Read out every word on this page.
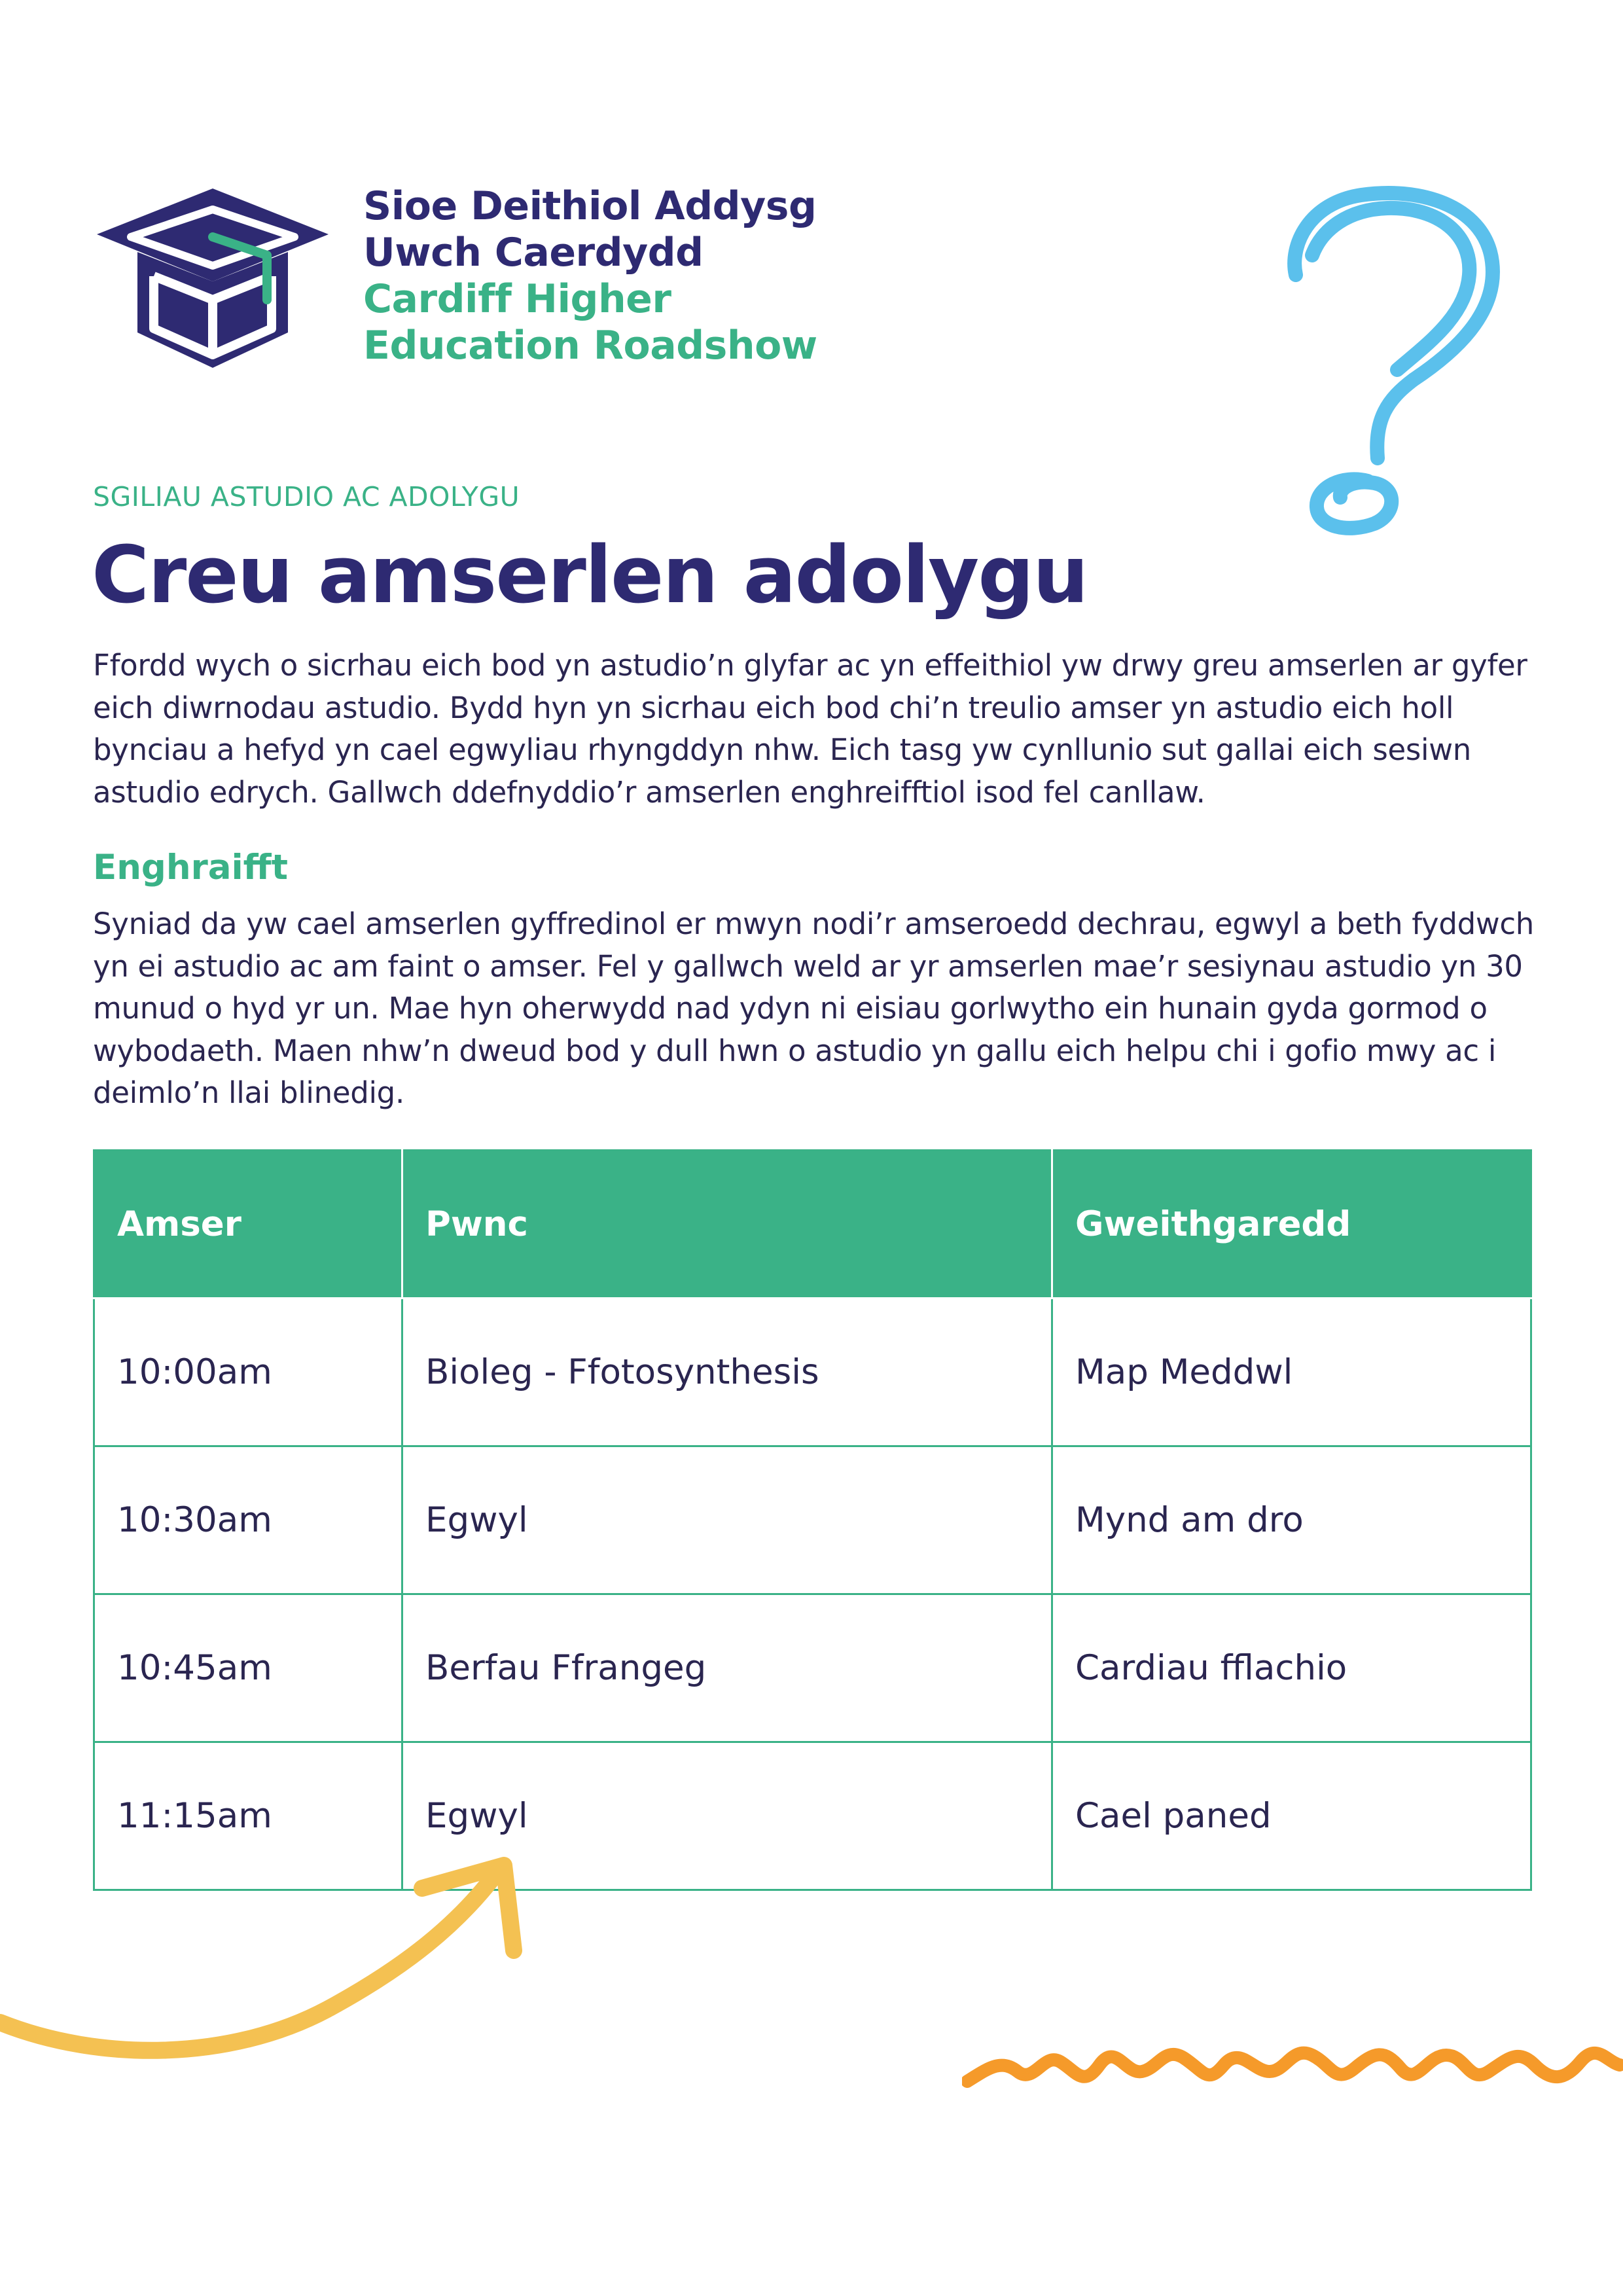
Sioe Deithiol Addysg
Uwch Caerdydd
Cardiff Higher
Education Roadshow
SGILIAU ASTUDIO AC ADOLYGU
Creu amserlen adolygu

Ffordd wych o sicrhau eich bod yn astudio’n glyfar ac yn effeithiol yw drwy greu amserlen ar gyfer eich diwrnodau astudio. Bydd hyn yn sicrhau eich bod chi’n treulio amser yn astudio eich holl bynciau a hefyd yn cael egwyliau rhyngddyn nhw. Eich tasg yw cynllunio sut gallai eich sesiwn astudio edrych. Gallwch ddefnyddio’r amserlen enghreifftiol isod fel canllaw.

Enghraifft

Syniad da yw cael amserlen gyffredinol er mwyn nodi’r amseroedd dechrau, egwyl a beth fyddwch yn ei astudio ac am faint o amser. Fel y gallwch weld ar yr amserlen mae’r sesiynau astudio yn 30 munud o hyd yr un. Mae hyn oherwydd nad ydyn ni eisiau gorlwytho ein hunain gyda gormod o wybodaeth. Maen nhw’n dweud bod y dull hwn o astudio yn gallu eich helpu chi i gofio mwy ac i deimlo’n llai blinedig.

Amser	Pwnc	Gweithgaredd
10:00am	Bioleg - Ffotosynthesis	Map Meddwl
10:30am	Egwyl	Mynd am dro
10:45am	Berfau Ffrangeg	Cardiau fflachio
11:15am	Egwyl	Cael paned
